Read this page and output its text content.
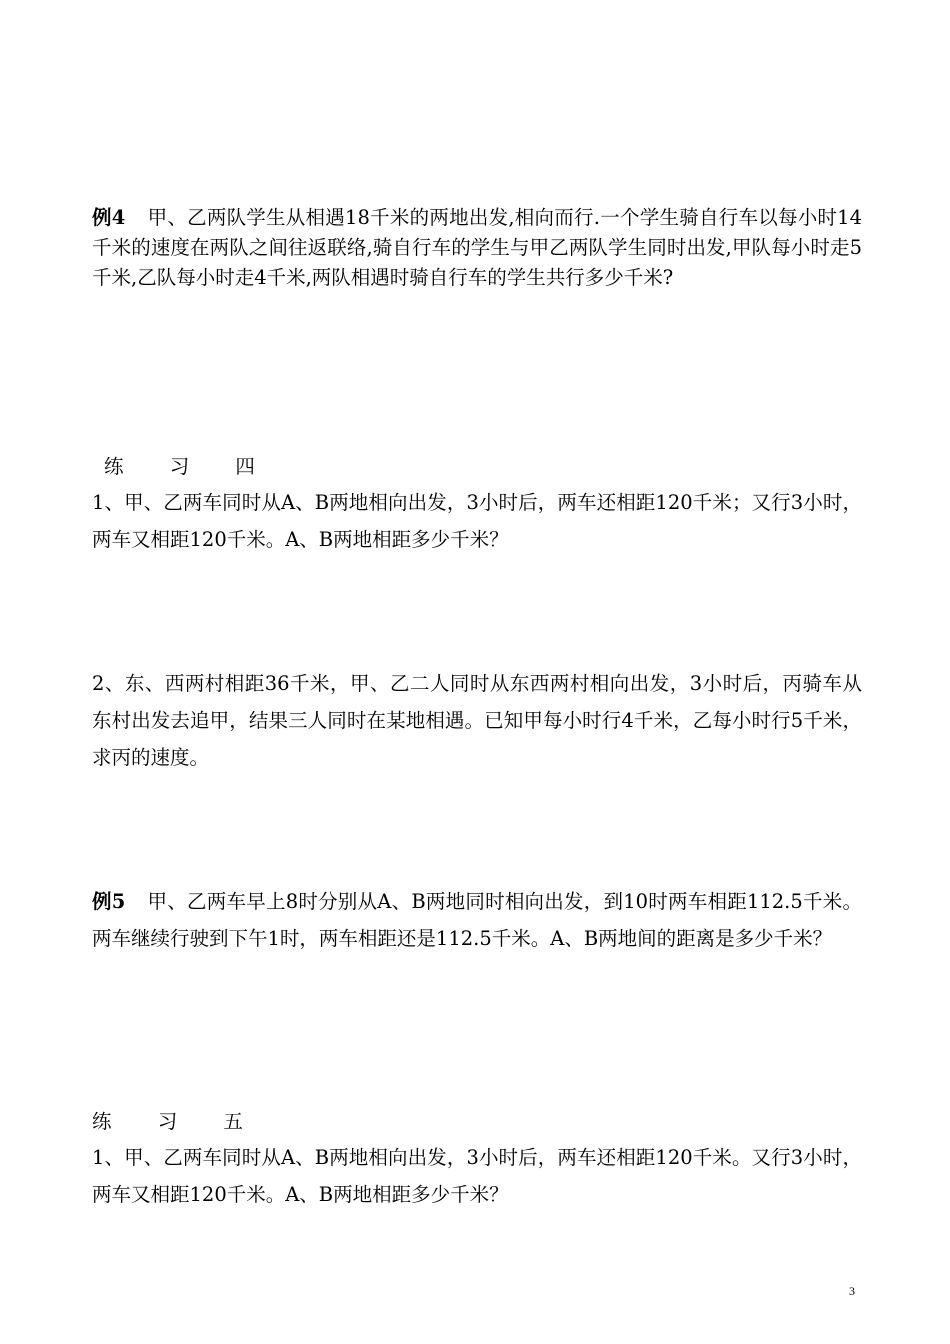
例4 甲、乙两队学生从相遇18千米的两地出发,相向而行.一个学生骑自行车以每小时14千米的速度在两队之间往返联络,骑自行车的学生与甲乙两队学生同时出发,甲队每小时走5千米,乙队每小时走4千米,两队相遇时骑自行车的学生共行多少千米?
练 习 四
1、甲、乙两车同时从A、B两地相向出发，3小时后，两车还相距120千米；又行3小时，两车又相距120千米。A、B两地相距多少千米？
2、东、西两村相距36千米，甲、乙二人同时从东西两村相向出发，3小时后，丙骑车从东村出发去追甲，结果三人同时在某地相遇。已知甲每小时行4千米，乙每小时行5千米，求丙的速度。
例5 甲、乙两车早上8时分别从A、B两地同时相向出发，到10时两车相距112.5千米。两车继续行驶到下午1时，两车相距还是112.5千米。A、B两地间的距离是多少千米？
练 习 五
1、甲、乙两车同时从A、B两地相向出发，3小时后，两车还相距120千米。又行3小时，两车又相距120千米。A、B两地相距多少千米？
3
